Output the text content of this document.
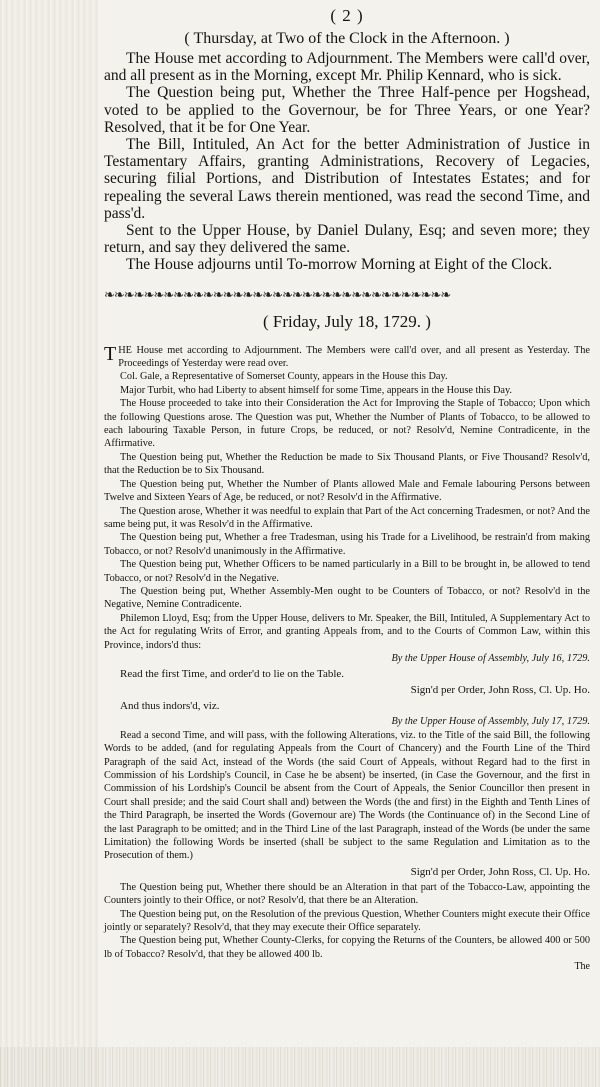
( 2 )
( Thursday, at Two of the Clock in the Afternoon. )

The House met according to Adjournment. The Members were call'd over, and all present as in the Morning, except Mr. Philip Kennard, who is sick.

The Question being put, Whether the Three Half-pence per Hogshead, voted to be applied to the Governour, be for Three Years, or one Year? Resolved, that it be for One Year.

The Bill, Intituled, An Act for the better Administration of Justice in Testamentary Affairs, granting Administrations, Recovery of Legacies, securing filial Portions, and Distribution of Intestates Estates; and for repealing the several Laws therein mentioned, was read the second Time, and pass'd.

Sent to the Upper House, by Daniel Dulany, Esq; and seven more; they return, and say they delivered the same.

The House adjourns until To-morrow Morning at Eight of the Clock.

❧❧❧❧❧❧❧❧❧❧❧❧❧❧❧❧❧❧❧❧❧❧❧❧❧❧❧❧❧❧❧❧❧❧❧
( Friday, July 18, 1729. )

THE House met according to Adjournment. The Members were call'd over, and all present as Yesterday. The Proceedings of Yesterday were read over.

Col. Gale, a Representative of Somerset County, appears in the House this Day.

Major Turbit, who had Liberty to absent himself for some Time, appears in the House this Day.

The House proceeded to take into their Consideration the Act for Improving the Staple of Tobacco; Upon which the following Questions arose. The Question was put, Whether the Number of Plants of Tobacco, to be allowed to each labouring Taxable Person, in future Crops, be reduced, or not? Resolv'd, Nemine Contradicente, in the Affirmative.

The Question being put, Whether the Reduction be made to Six Thousand Plants, or Five Thousand? Resolv'd, that the Reduction be to Six Thousand.

The Question being put, Whether the Number of Plants allowed Male and Female labouring Persons between Twelve and Sixteen Years of Age, be reduced, or not? Resolv'd in the Affirmative.

The Question arose, Whether it was needful to explain that Part of the Act concerning Tradesmen, or not? And the same being put, it was Resolv'd in the Affirmative.

The Question being put, Whether a free Tradesman, using his Trade for a Livelihood, be restrain'd from making Tobacco, or not? Resolv'd unanimously in the Affirmative.

The Question being put, Whether Officers to be named particularly in a Bill to be brought in, be allowed to tend Tobacco, or not? Resolv'd in the Negative.

The Question being put, Whether Assembly-Men ought to be Counters of Tobacco, or not? Resolv'd in the Negative, Nemine Contradicente.

Philemon Lloyd, Esq; from the Upper House, delivers to Mr. Speaker, the Bill, Intituled, A Supplementary Act to the Act for regulating Writs of Error, and granting Appeals from, and to the Courts of Common Law, within this Province, indors'd thus:

By the Upper House of Assembly, July 16, 1729.

Read the first Time, and order'd to lie on the Table.

Sign'd per Order, John Ross, Cl. Up. Ho.

And thus indors'd, viz.

By the Upper House of Assembly, July 17, 1729.

Read a second Time, and will pass, with the following Alterations, viz. to the Title of the said Bill, the following Words to be added, (and for regulating Appeals from the Court of Chancery) and the Fourth Line of the Third Paragraph of the said Act, instead of the Words (the said Court of Appeals, without Regard had to the first in Commission of his Lordship's Council, in Case he be absent) be inserted, (in Case the Governour, and the first in Commission of his Lordship's Council be absent from the Court of Appeals, the Senior Councillor then present in Court shall preside; and the said Court shall and) between the Words (the and first) in the Eighth and Tenth Lines of the Third Paragraph, be inserted the Words (Governour are) The Words (the Continuance of) in the Second Line of the last Paragraph to be omitted; and in the Third Line of the last Paragraph, instead of the Words (be under the same Limitation) the following Words be inserted (shall be subject to the same Regulation and Limitation as to the Prosecution of them.)

Sign'd per Order, John Ross, Cl. Up. Ho.

The Question being put, Whether there should be an Alteration in that part of the Tobacco-Law, appointing the Counters jointly to their Office, or not? Resolv'd, that there be an Alteration.

The Question being put, on the Resolution of the previous Question, Whether Counters might execute their Office jointly or separately? Resolv'd, that they may execute their Office separately.

The Question being put, Whether County-Clerks, for copying the Returns of the Counters, be allowed 400 or 500 lb of Tobacco? Resolv'd, that they be allowed 400 lb.

The
